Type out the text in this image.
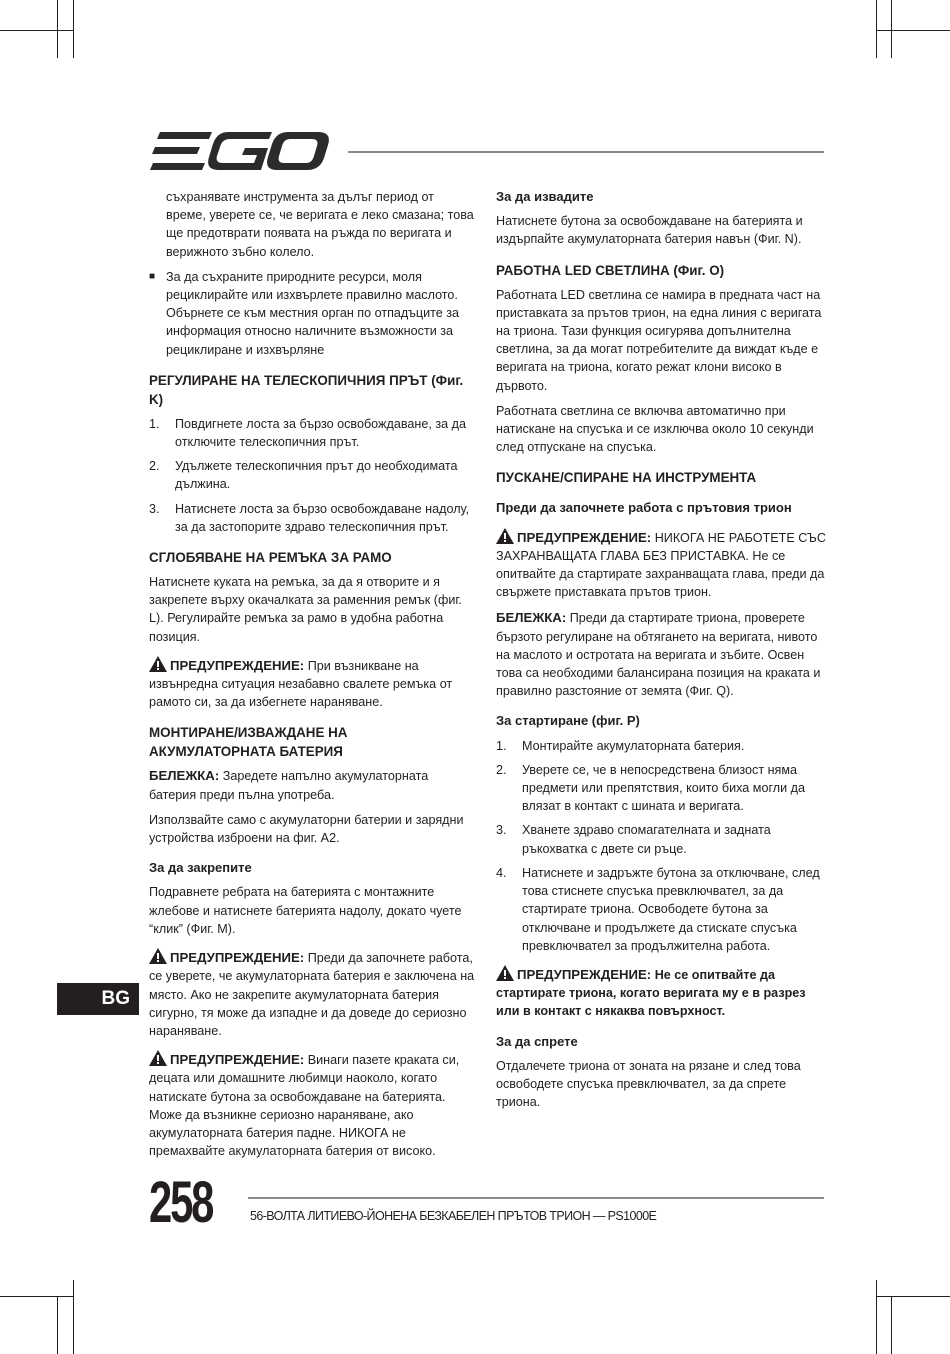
съхранявате инструмента за дълъг период от време, уверете се, че веригата е леко смазана; това ще предотврати появата на ръжда по веригата и верижното зъбно колело.

■ За да съхраните природните ресурси, моля рециклирайте или изхвърлете правилно маслото. Обърнете се към местния орган по отпадъците за информация относно наличните възможности за рециклиране и изхвърляне
РЕГУЛИРАНЕ НА ТЕЛЕСКОПИЧНИЯ ПРЪТ (Фиг. K)
1.	Повдигнете лоста за бързо освобождаване, за да отключите телескопичния прът.
2.	Удължете телескопичния прът до необходимата дължина.
3.	Натиснете лоста за бързо освобождаване надолу, за да застопорите здраво телескопичния прът.
СГЛОБЯВАНЕ НА РЕМЪКА ЗА РАМО

Натиснете куката на ремъка, за да я отворите и я закрепете върху окачалката за раменния ремък (фиг. L). Регулирайте ремъка за рамо в удобна работна позиция.

ПРЕДУПРЕЖДЕНИЕ: При възникване на извънредна ситуация незабавно свалете ремъка от рамото си, за да избегнете нараняване.

МОНТИРАНЕ/ИЗВАЖДАНЕ НА АКУМУЛАТОРНАТА БАТЕРИЯ

БЕЛЕЖКА: Заредете напълно акумулаторната батерия преди пълна употреба.

Използвайте само с акумулаторни батерии и зарядни устройства изброени на фиг. A2.

За да закрепите

Подравнете ребрата на батерията с монтажните жлебове и натиснете батерията надолу, докато чуете “клик” (Фиг. M).

ПРЕДУПРЕЖДЕНИЕ: Преди да започнете работа, се уверете, че акумулаторната батерия е заключена на място. Ако не закрепите акумулаторната батерия сигурно, тя може да изпадне и да доведе до сериозно нараняване.

ПРЕДУПРЕЖДЕНИЕ: Винаги пазете краката си, децата или домашните любимци наоколо, когато натискате бутона за освобождаване на батерията. Може да възникне сериозно нараняване, ако акумулаторната батерия падне. НИКОГА не премахвайте акумулаторната батерия от високо.

За да извадите

Натиснете бутона за освобождаване на батерията и издърпайте акумулаторната батерия навън (Фиг. N).

РАБОТНА LED СВЕТЛИНА (Фиг. O)

Работната LED светлина се намира в предната част на приставката за прътов трион, на една линия с веригата на триона. Тази функция осигурява допълнителна светлина, за да могат потребителите да виждат къде е веригата на триона, когато режат клони високо в дървото.

Работната светлина се включва автоматично при натискане на спусъка и се изключва около 10 секунди след отпускане на спусъка.

ПУСКАНЕ/СПИРАНЕ НА ИНСТРУМЕНТА
Преди да започнете работа с прътовия трион

ПРЕДУПРЕЖДЕНИЕ: НИКОГА НЕ РАБОТЕТЕ СЪС ЗАХРАНВАЩАТА ГЛАВА БЕЗ ПРИСТАВКА. Не се опитвайте да стартирате захранващата глава, преди да свържете приставката прътов трион.

БЕЛЕЖКА: Преди да стартирате триона, проверете бързото регулиране на обтягането на веригата, нивото на маслото и остротата на веригата и зъбите. Освен това са необходими балансирана позиция на краката и правилно разстояние от земята (Фиг. Q).

За стартиране (фиг. P)
1.	Монтирайте акумулаторната батерия.
2.	Уверете се, че в непосредствена близост няма предмети или препятствия, които биха могли да влязат в контакт с шината и веригата.
3.	Хванете здраво спомагателната и задната ръкохватка с двете си ръце.
4.	Натиснете и задръжте бутона за отключване, след това стиснете спусъка превключвател, за да стартирате триона. Освободете бутона за отключване и продължете да стискате спусъка превключвател за продължителна работа.

ПРЕДУПРЕЖДЕНИЕ: Не се опитвайте да стартирате триона, когато веригата му е в разрез или в контакт с някаква повърхност.

За да спрете

Отдалечете триона от зоната на рязане и след това освободете спусъка превключвател, за да спрете триона.

BG
258	56-ВОЛТА ЛИТИЕВО-ЙОНЕНА БЕЗКАБЕЛЕН ПРЪТОВ ТРИОН — PS1000E
